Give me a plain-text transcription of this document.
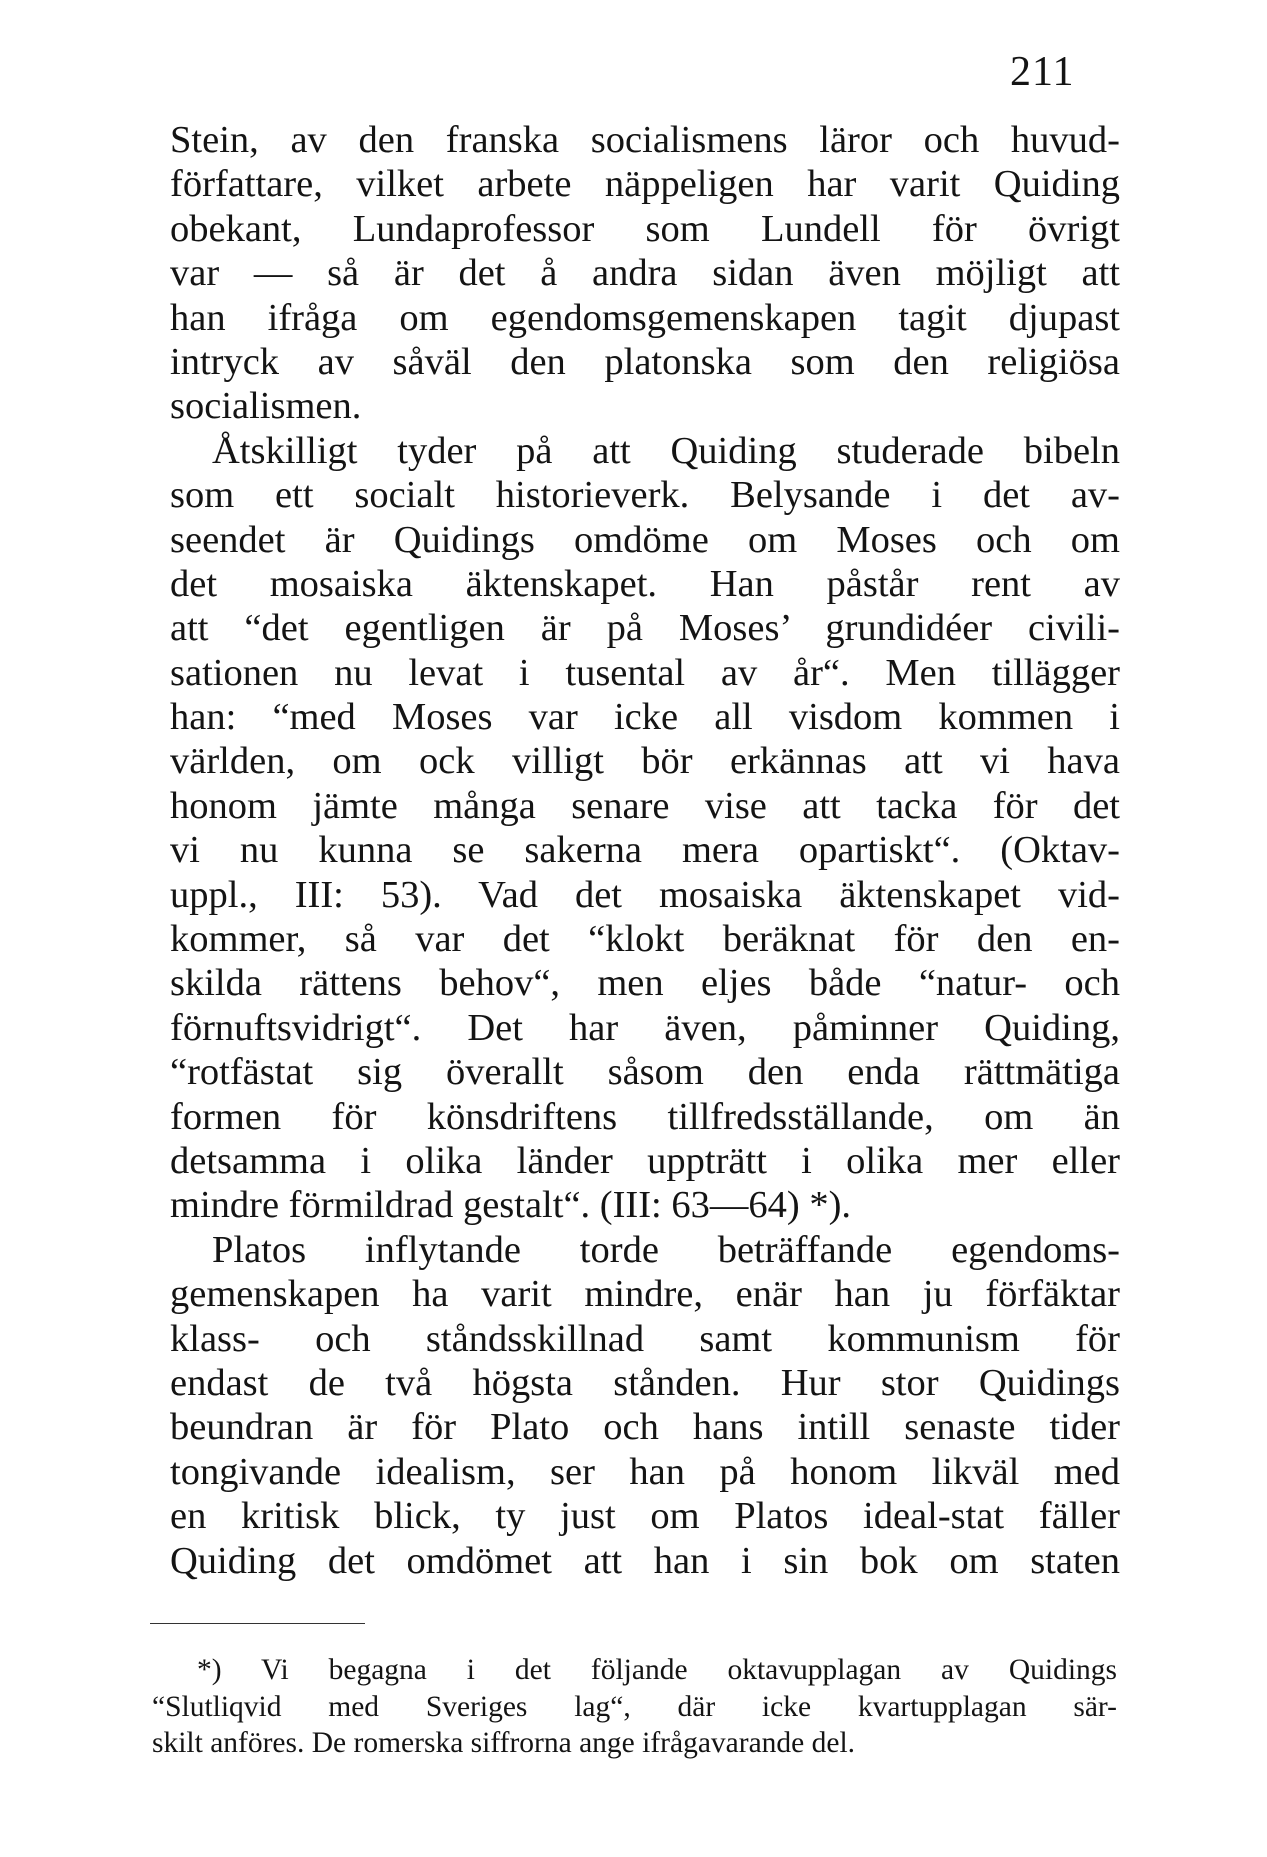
211
Stein, av den franska socialismens läror och huvud-
författare, vilket arbete näppeligen har varit Quiding
obekant, Lundaprofessor som Lundell för övrigt
var — så är det å andra sidan även möjligt att
han ifråga om egendomsgemenskapen tagit djupast
intryck av såväl den platonska som den religiösa
socialismen.
Åtskilligt tyder på att Quiding studerade bibeln
som ett socialt historieverk. Belysande i det av-
seendet är Quidings omdöme om Moses och om
det mosaiska äktenskapet. Han påstår rent av
att “det egentligen är på Moses’ grundidéer civili-
sationen nu levat i tusental av år“. Men tillägger
han: “med Moses var icke all visdom kommen i
världen, om ock villigt bör erkännas att vi hava
honom jämte många senare vise att tacka för det
vi nu kunna se sakerna mera opartiskt“. (Oktav-
uppl., III: 53). Vad det mosaiska äktenskapet vid-
kommer, så var det “klokt beräknat för den en-
skilda rättens behov“, men eljes både “natur- och
förnuftsvidrigt“. Det har även, påminner Quiding,
“rotfästat sig överallt såsom den enda rättmätiga
formen för könsdriftens tillfredsställande, om än
detsamma i olika länder uppträtt i olika mer eller
mindre förmildrad gestalt“. (III: 63—64) *).
Platos inflytande torde beträffande egendoms-
gemenskapen ha varit mindre, enär han ju förfäktar
klass- och ståndsskillnad samt kommunism för
endast de två högsta stånden. Hur stor Quidings
beundran är för Plato och hans intill senaste tider
tongivande idealism, ser han på honom likväl med
en kritisk blick, ty just om Platos ideal-stat fäller
Quiding det omdömet att han i sin bok om staten
*) Vi begagna i det följande oktavupplagan av Quidings
“Slutliqvid med Sveriges lag“, där icke kvartupplagan sär-
skilt anföres. De romerska siffrorna ange ifrågavarande del.
